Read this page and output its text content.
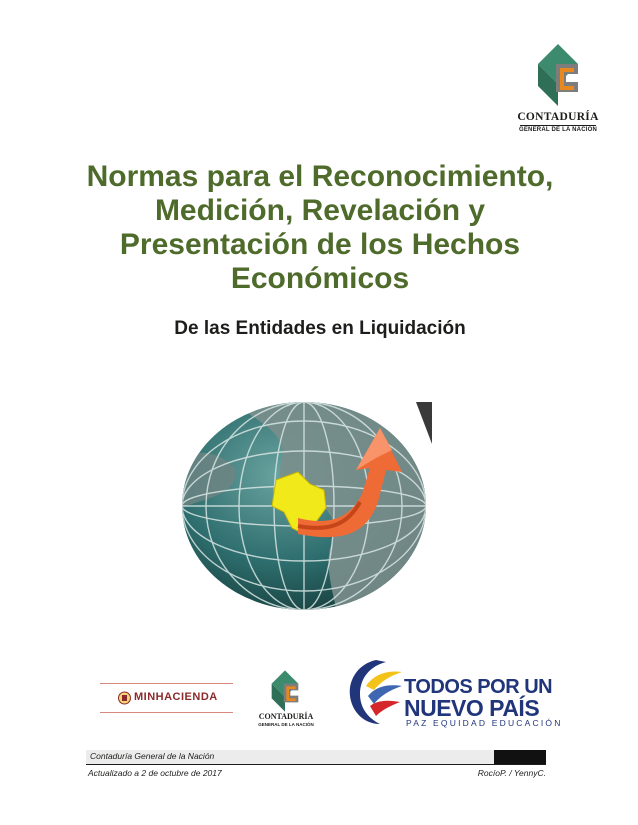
CONTADURÍA
GENERAL DE LA NACIÓN
Normas para el Reconocimiento,
Medición, Revelación y
Presentación de los Hechos
Económicos
De las Entidades en Liquidación
MINHACIENDA
CONTADURÍA
GENERAL DE LA NACIÓN
TODOS POR UN
NUEVO PAÍS
PAZ EQUIDAD EDUCACIÓN
Contaduría General de la Nación
Actualizado a 2 de octubre de 2017	RocíoP. / YennyC.
